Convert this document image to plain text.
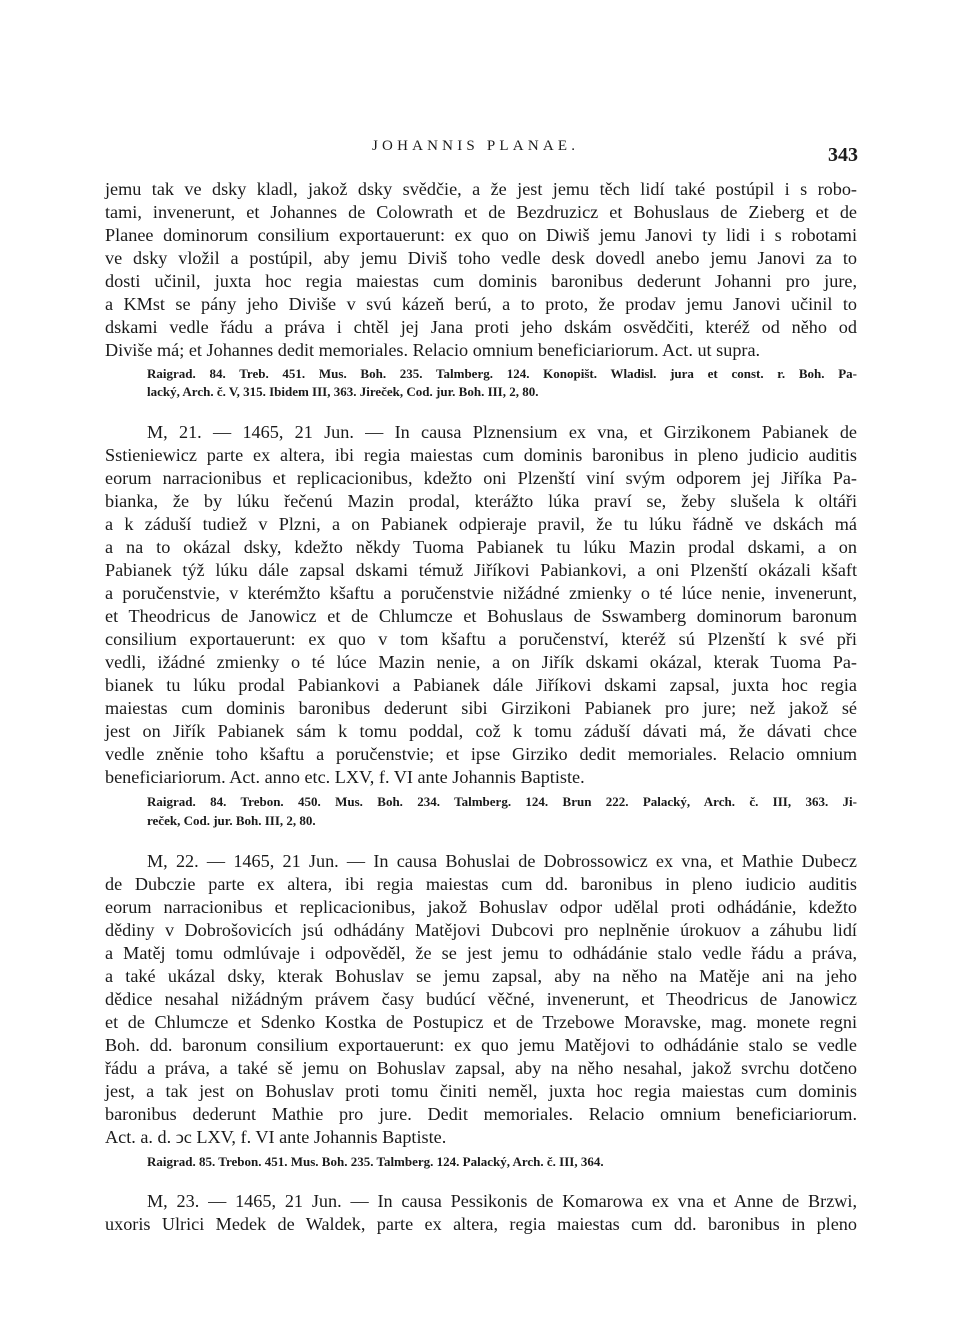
JOHANNIS PLANAE.	343
jemu tak ve dsky kladl, jakož dsky svědčie, a že jest jemu těch lidí také postúpil i s robo-
tami, invenerunt, et Johannes de Colowrath et de Bezdruzicz et Bohuslaus de Zieberg et de
Planee dominorum consilium exportauerunt: ex quo on Diwiš jemu Janovi ty lidi i s robotami
ve dsky vložil a postúpil, aby jemu Diviš toho vedle desk dovedl anebo jemu Janovi za to
dosti učinil, juxta hoc regia maiestas cum dominis baronibus dederunt Johanni pro jure,
a KMst se pány jeho Diviše v svú kázeň berú, a to proto, že prodav jemu Janovi učinil to
dskami vedle řádu a práva i chtěl jej Jana proti jeho dskám osvědčiti, kteréž od něho od
Diviše má; et Johannes dedit memoriales. Relacio omnium beneficiariorum. Act. ut supra.
Raigrad. 84. Treb. 451. Mus. Boh. 235. Talmberg. 124. Konopišt. Wladisl. jura et const. r. Boh. Pa-
lacký, Arch. č. V, 315. Ibidem III, 363. Jireček, Cod. jur. Boh. III, 2, 80.
M, 21. — 1465, 21 Jun. — In causa Plznensium ex vna, et Girzikonem Pabianek de
Sstieniewicz parte ex altera, ibi regia maiestas cum dominis baronibus in pleno judicio auditis
eorum narracionibus et replicacionibus, kdežto oni Plzenští viní svým odporem jej Jiříka Pa-
bianka, že by lúku řečenú Mazin prodal, kterážto lúka praví se, žeby slušela k oltáři
a k záduší tudiež v Plzni, a on Pabianek odpieraje pravil, že tu lúku řádně ve dskách má
a na to okázal dsky, kdežto někdy Tuoma Pabianek tu lúku Mazin prodal dskami, a on
Pabianek týž lúku dále zapsal dskami témuž Jiříkovi Pabiankovi, a oni Plzenští okázali kšaft
a poručenstvie, v kterémžto kšaftu a poručenstvie nižádné zmienky o té lúce nenie, invenerunt,
et Theodricus de Janowicz et de Chlumcze et Bohuslaus de Sswamberg dominorum baronum
consilium exportauerunt: ex quo v tom kšaftu a poručenství, kteréž sú Plzenští k své při
vedli, ižádné zmienky o té lúce Mazin nenie, a on Jiřík dskami okázal, kterak Tuoma Pa-
bianek tu lúku prodal Pabiankovi a Pabianek dále Jiříkovi dskami zapsal, juxta hoc regia
maiestas cum dominis baronibus dederunt sibi Girzikoni Pabianek pro jure; než jakož sé
jest on Jiřík Pabianek sám k tomu poddal, což k tomu záduší dávati má, že dávati chce
vedle zněnie toho kšaftu a poručenstvie; et ipse Girziko dedit memoriales. Relacio omnium
beneficiariorum. Act. anno etc. LXV, f. VI ante Johannis Baptiste.
Raigrad. 84. Trebon. 450. Mus. Boh. 234. Talmberg. 124. Brun 222. Palacký, Arch. č. III, 363. Ji-
reček, Cod. jur. Boh. III, 2, 80.
M, 22. — 1465, 21 Jun. — In causa Bohuslai de Dobrossowicz ex vna, et Mathie Dubecz
de Dubczie parte ex altera, ibi regia maiestas cum dd. baronibus in pleno iudicio auditis
eorum narracionibus et replicacionibus, jakož Bohuslav odpor udělal proti odhádánie, kdežto
dědiny v Dobrošovicích jsú odhádány Matějovi Dubcovi pro neplněnie úrokuov a záhubu lidí
a Matěj tomu odmlúvaje i odpověděl, že se jest jemu to odhádánie stalo vedle řádu a práva,
a také ukázal dsky, kterak Bohuslav se jemu zapsal, aby na něho na Matěje ani na jeho
dědice nesahal nižádným právem časy budúcí věčné, invenerunt, et Theodricus de Janowicz
et de Chlumcze et Sdenko Kostka de Postupicz et de Trzebowe Moravske, mag. monete regni
Boh. dd. baronum consilium exportauerunt: ex quo jemu Matějovi to odhádánie stalo se vedle
řádu a práva, a také sě jemu on Bohuslav zapsal, aby na něho nesahal, jakož svrchu dotčeno
jest, a tak jest on Bohuslav proti tomu činiti neměl, juxta hoc regia maiestas cum dominis
baronibus dederunt Mathie pro jure. Dedit memoriales. Relacio omnium beneficiariorum.
Act. a. d. ↄc LXV, f. VI ante Johannis Baptiste.
Raigrad. 85. Trebon. 451. Mus. Boh. 235. Talmberg. 124. Palacký, Arch. č. III, 364.
M, 23. — 1465, 21 Jun. — In causa Pessikonis de Komarowa ex vna et Anne de Brzwi,
uxoris Ulrici Medek de Waldek, parte ex altera, regia maiestas cum dd. baronibus in pleno
